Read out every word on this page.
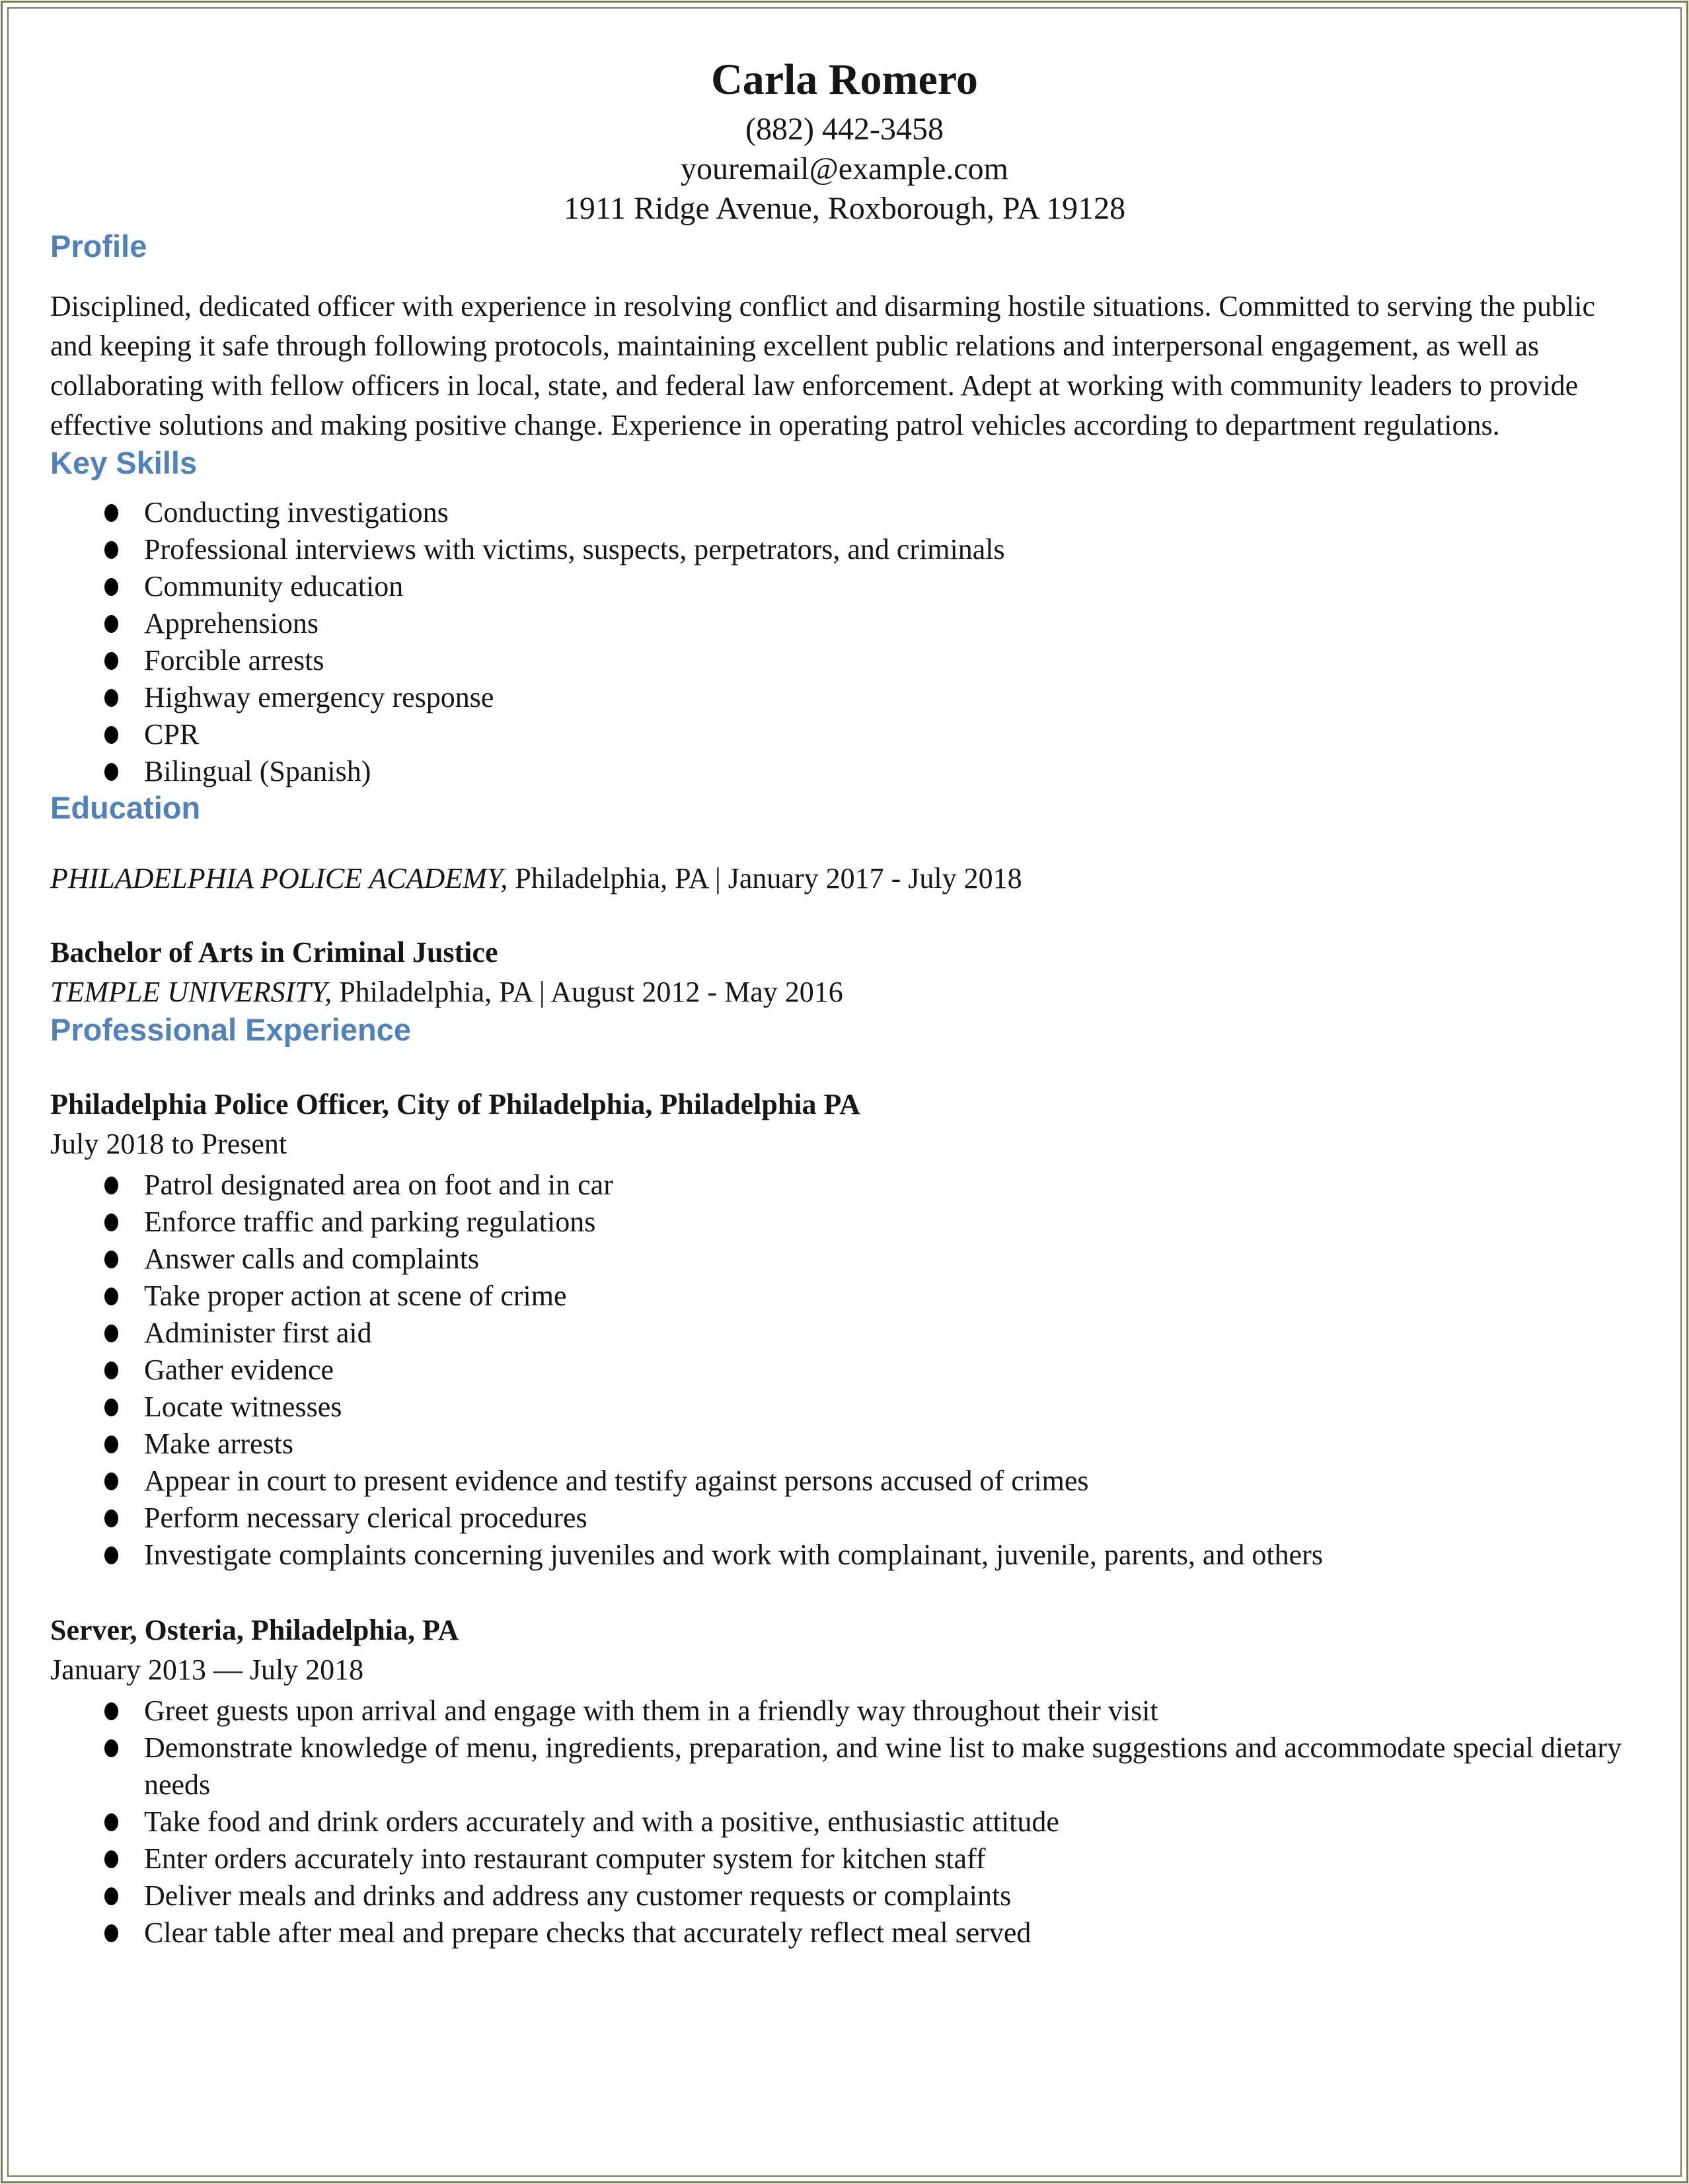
Carla Romero
(882) 442-3458
youremail@example.com
1911 Ridge Avenue, Roxborough, PA 19128
Profile

Disciplined, dedicated officer with experience in resolving conflict and disarming hostile situations. Committed to serving the public and keeping it safe through following protocols, maintaining excellent public relations and interpersonal engagement, as well as collaborating with fellow officers in local, state, and federal law enforcement. Adept at working with community leaders to provide effective solutions and making positive change. Experience in operating patrol vehicles according to department regulations.

Key Skills
Conducting investigations
Professional interviews with victims, suspects, perpetrators, and criminals
Community education
Apprehensions
Forcible arrests
Highway emergency response
CPR
Bilingual (Spanish)
Education

PHILADELPHIA POLICE ACADEMY, Philadelphia, PA | January 2017 - July 2018

Bachelor of Arts in Criminal Justice

TEMPLE UNIVERSITY, Philadelphia, PA | August 2012 - May 2016

Professional Experience

Philadelphia Police Officer, City of Philadelphia, Philadelphia PA

July 2018 to Present

Patrol designated area on foot and in car
Enforce traffic and parking regulations
Answer calls and complaints
Take proper action at scene of crime
Administer first aid
Gather evidence
Locate witnesses
Make arrests
Appear in court to present evidence and testify against persons accused of crimes
Perform necessary clerical procedures
Investigate complaints concerning juveniles and work with complainant, juvenile, parents, and others

Server, Osteria, Philadelphia, PA

January 2013 — July 2018

Greet guests upon arrival and engage with them in a friendly way throughout their visit
Demonstrate knowledge of menu, ingredients, preparation, and wine list to make suggestions and accommodate special dietary needs
Take food and drink orders accurately and with a positive, enthusiastic attitude
Enter orders accurately into restaurant computer system for kitchen staff
Deliver meals and drinks and address any customer requests or complaints
Clear table after meal and prepare checks that accurately reflect meal served
